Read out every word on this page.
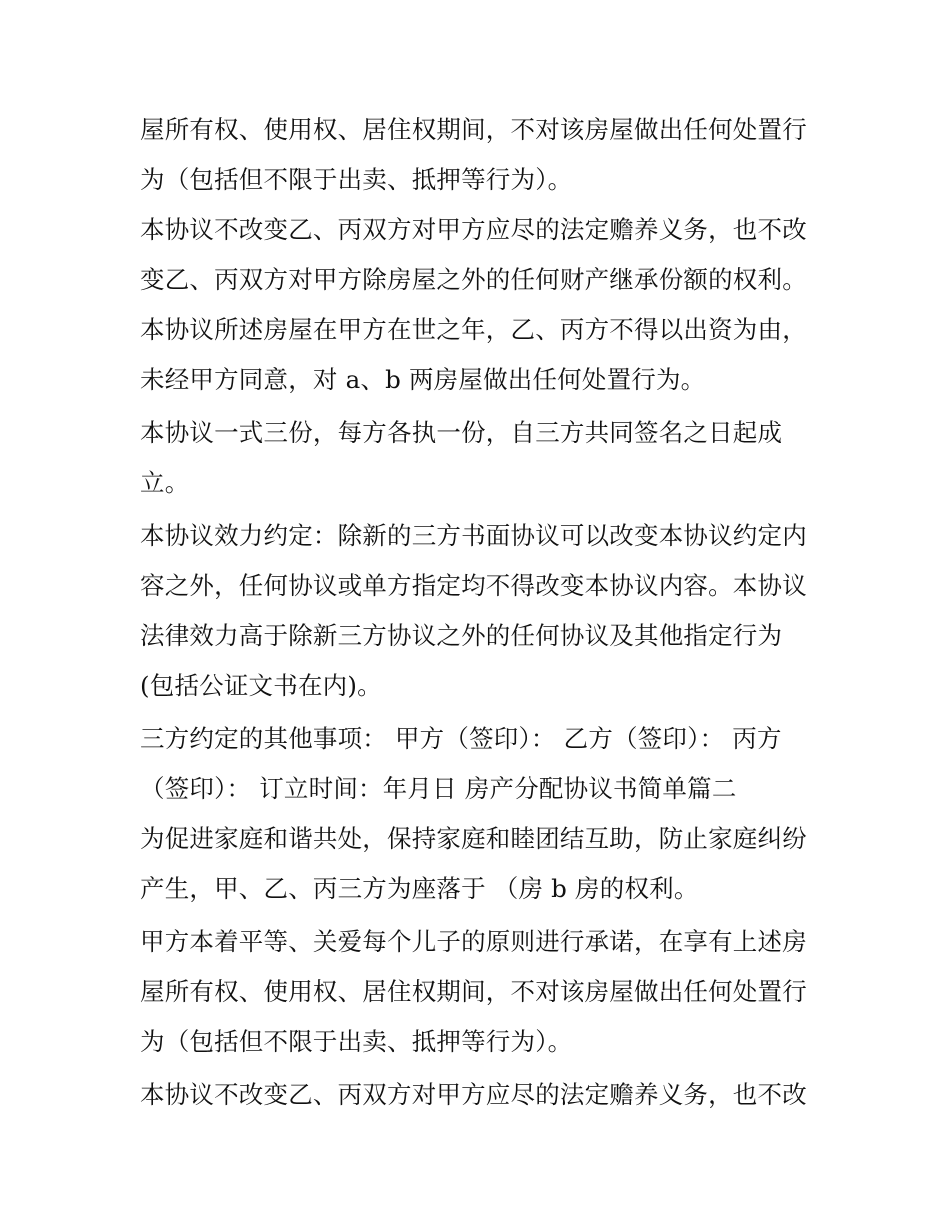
屋所有权、使用权、居住权期间，不对该房屋做出任何处置行
为（包括但不限于出卖、抵押等行为）。
本协议不改变乙、丙双方对甲方应尽的法定赡养义务，也不改
变乙、丙双方对甲方除房屋之外的任何财产继承份额的权利。
本协议所述房屋在甲方在世之年，乙、丙方不得以出资为由，
未经甲方同意，对 a、b 两房屋做出任何处置行为。
本协议一式三份，每方各执一份，自三方共同签名之日起成
立。
本协议效力约定：除新的三方书面协议可以改变本协议约定内
容之外，任何协议或单方指定均不得改变本协议内容。本协议
法律效力高于除新三方协议之外的任何协议及其他指定行为
(包括公证文书在内)。
三方约定的其他事项： 甲方（签印）： 乙方（签印）： 丙方
（签印）： 订立时间：年月日 房产分配协议书简单篇二
为促进家庭和谐共处，保持家庭和睦团结互助，防止家庭纠纷
产生，甲、乙、丙三方为座落于 （房 b 房的权利。
甲方本着平等、关爱每个儿子的原则进行承诺，在享有上述房
屋所有权、使用权、居住权期间，不对该房屋做出任何处置行
为（包括但不限于出卖、抵押等行为）。
本协议不改变乙、丙双方对甲方应尽的法定赡养义务，也不改
